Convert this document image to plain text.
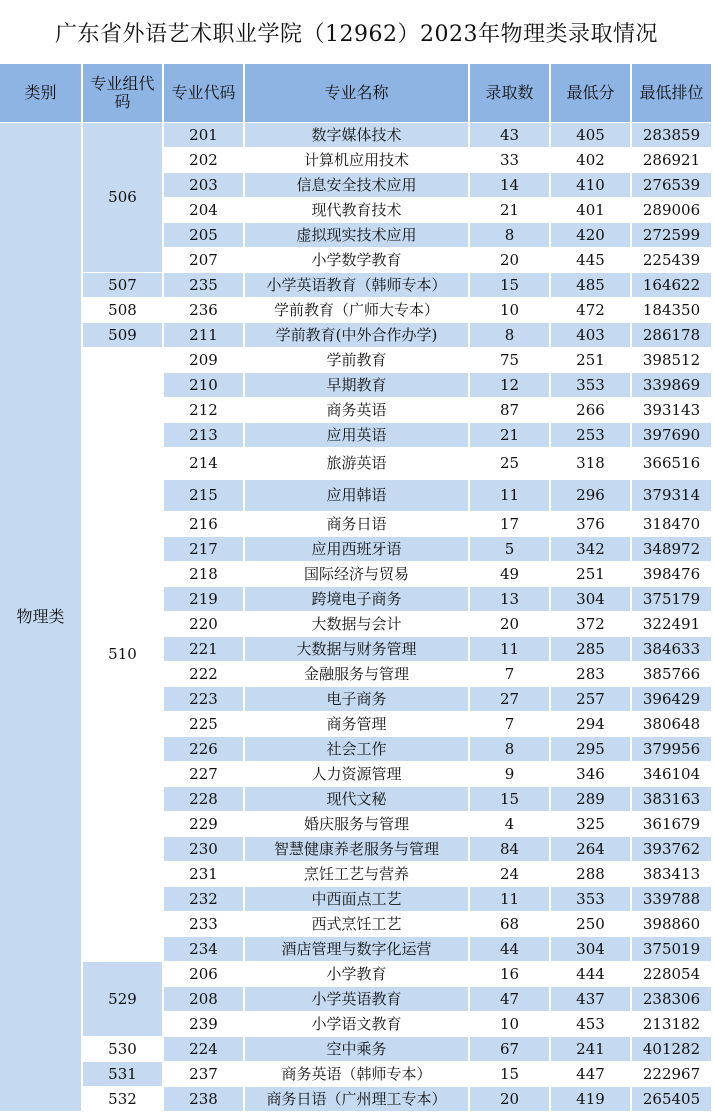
广东省外语艺术职业学院（12962）2023年物理类录取情况
类别	专业组代码	专业代码	专业名称	录取数	最低分	最低排位
物理类	506	201	数字媒体技术	43	405	283859
		202	计算机应用技术	33	402	286921
		203	信息安全技术应用	14	410	276539
		204	现代教育技术	21	401	289006
		205	虚拟现实技术应用	8	420	272599
		207	小学数学教育	20	445	225439
	507	235	小学英语教育（韩师专本）	15	485	164622
	508	236	学前教育（广师大专本）	10	472	184350
	509	211	学前教育(中外合作办学)	8	403	286178
	510	209	学前教育	75	251	398512
		210	早期教育	12	353	339869
		212	商务英语	87	266	393143
		213	应用英语	21	253	397690
		214	旅游英语	25	318	366516
		215	应用韩语	11	296	379314
		216	商务日语	17	376	318470
		217	应用西班牙语	5	342	348972
		218	国际经济与贸易	49	251	398476
		219	跨境电子商务	13	304	375179
		220	大数据与会计	20	372	322491
		221	大数据与财务管理	11	285	384633
		222	金融服务与管理	7	283	385766
		223	电子商务	27	257	396429
		225	商务管理	7	294	380648
		226	社会工作	8	295	379956
		227	人力资源管理	9	346	346104
		228	现代文秘	15	289	383163
		229	婚庆服务与管理	4	325	361679
		230	智慧健康养老服务与管理	84	264	393762
		231	烹饪工艺与营养	24	288	383413
		232	中西面点工艺	11	353	339788
		233	西式烹饪工艺	68	250	398860
		234	酒店管理与数字化运营	44	304	375019
	529	206	小学教育	16	444	228054
		208	小学英语教育	47	437	238306
		239	小学语文教育	10	453	213182
	530	224	空中乘务	67	241	401282
	531	237	商务英语（韩师专本）	15	447	222967
	532	238	商务日语（广州理工专本）	20	419	265405
